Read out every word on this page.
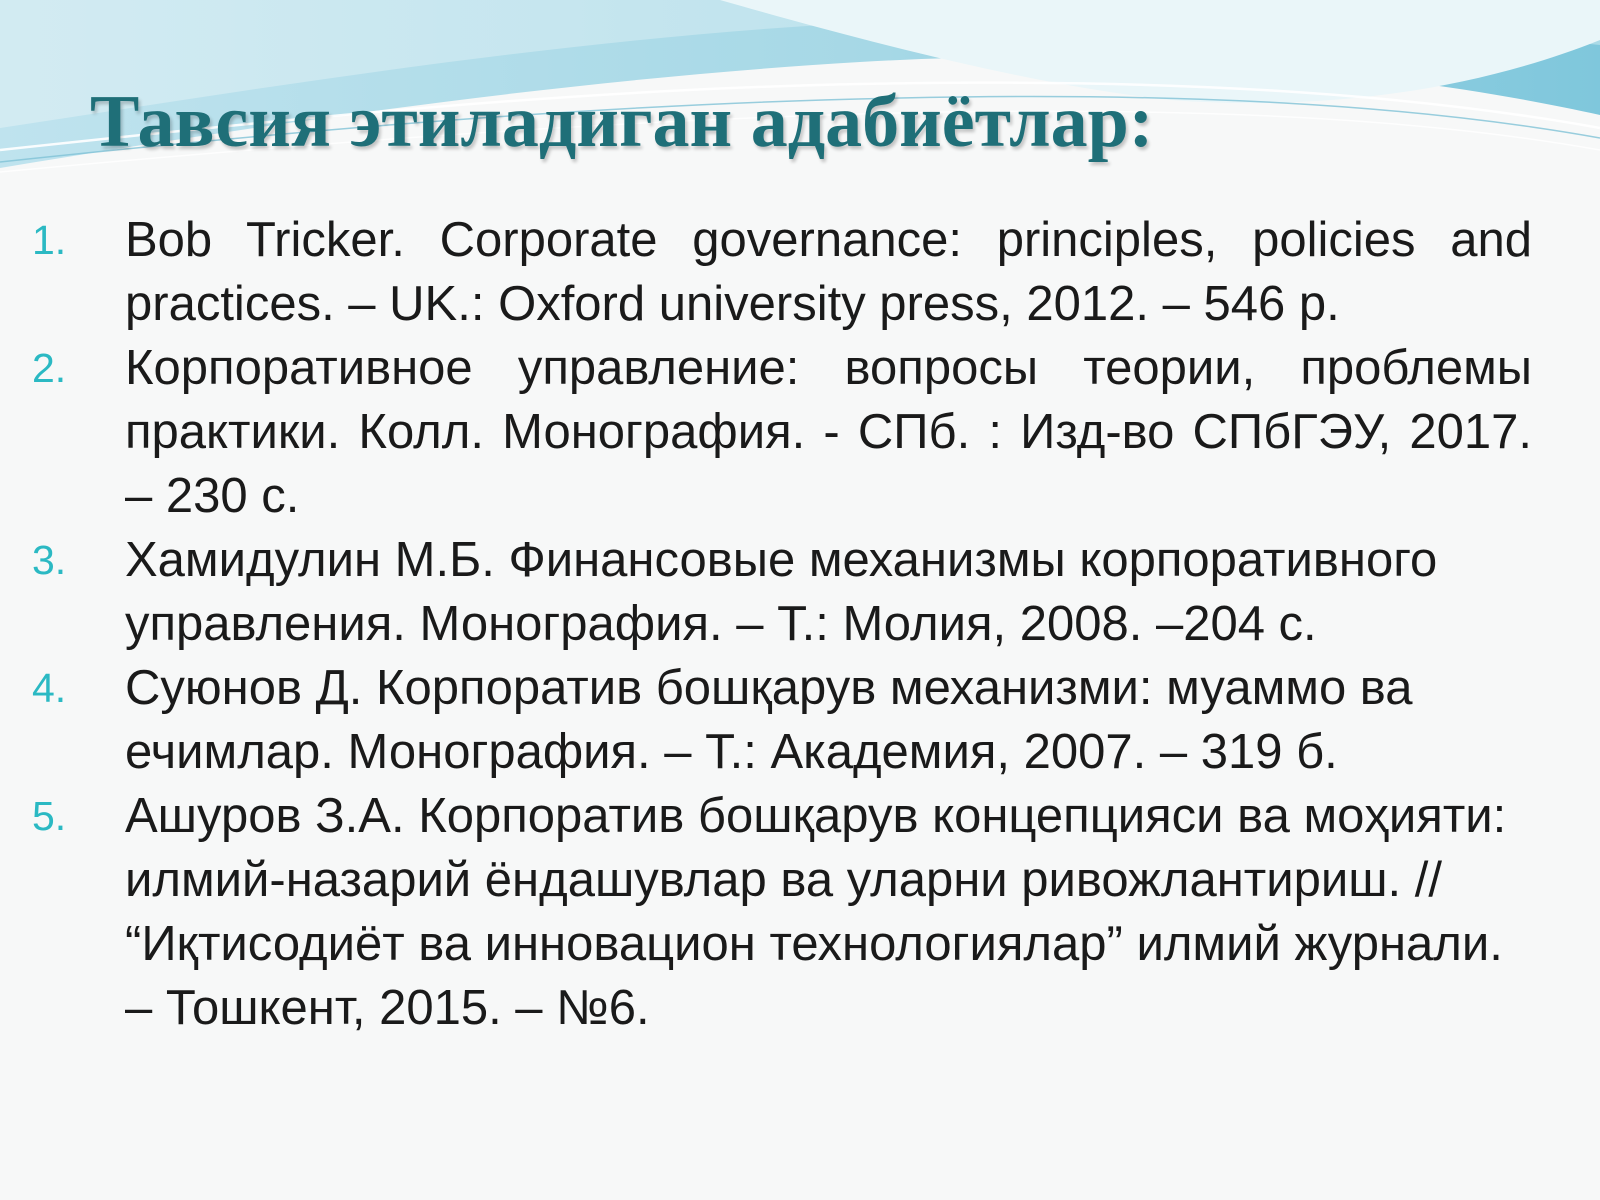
Тавсия этиладиган адабиётлар:
1.	Bob Tricker. Corporate governance: principles, policies and practices. – UK.: Oxford university press, 2012. – 546 p.
2.	Корпоративное управление: вопросы теории, проблемы практики. Колл. Монография. - СПб. : Изд-во СПбГЭУ, 2017. – 230 с.
3.	Хамидулин М.Б. Финансовые механизмы корпоративного управления. Монография. – Т.: Молия, 2008. –204 с.
4.	Суюнов Д. Корпоратив бошқарув механизми: муаммо ва ечимлар. Монография. – Т.: Академия, 2007. – 319 б.
5.	Ашуров З.А. Корпоратив бошқарув концепцияси ва моҳияти: илмий-назарий ёндашувлар ва уларни ривожлантириш. // “Иқтисодиёт ва инновацион технологиялар” илмий журнали. – Тошкент, 2015. – №6.
